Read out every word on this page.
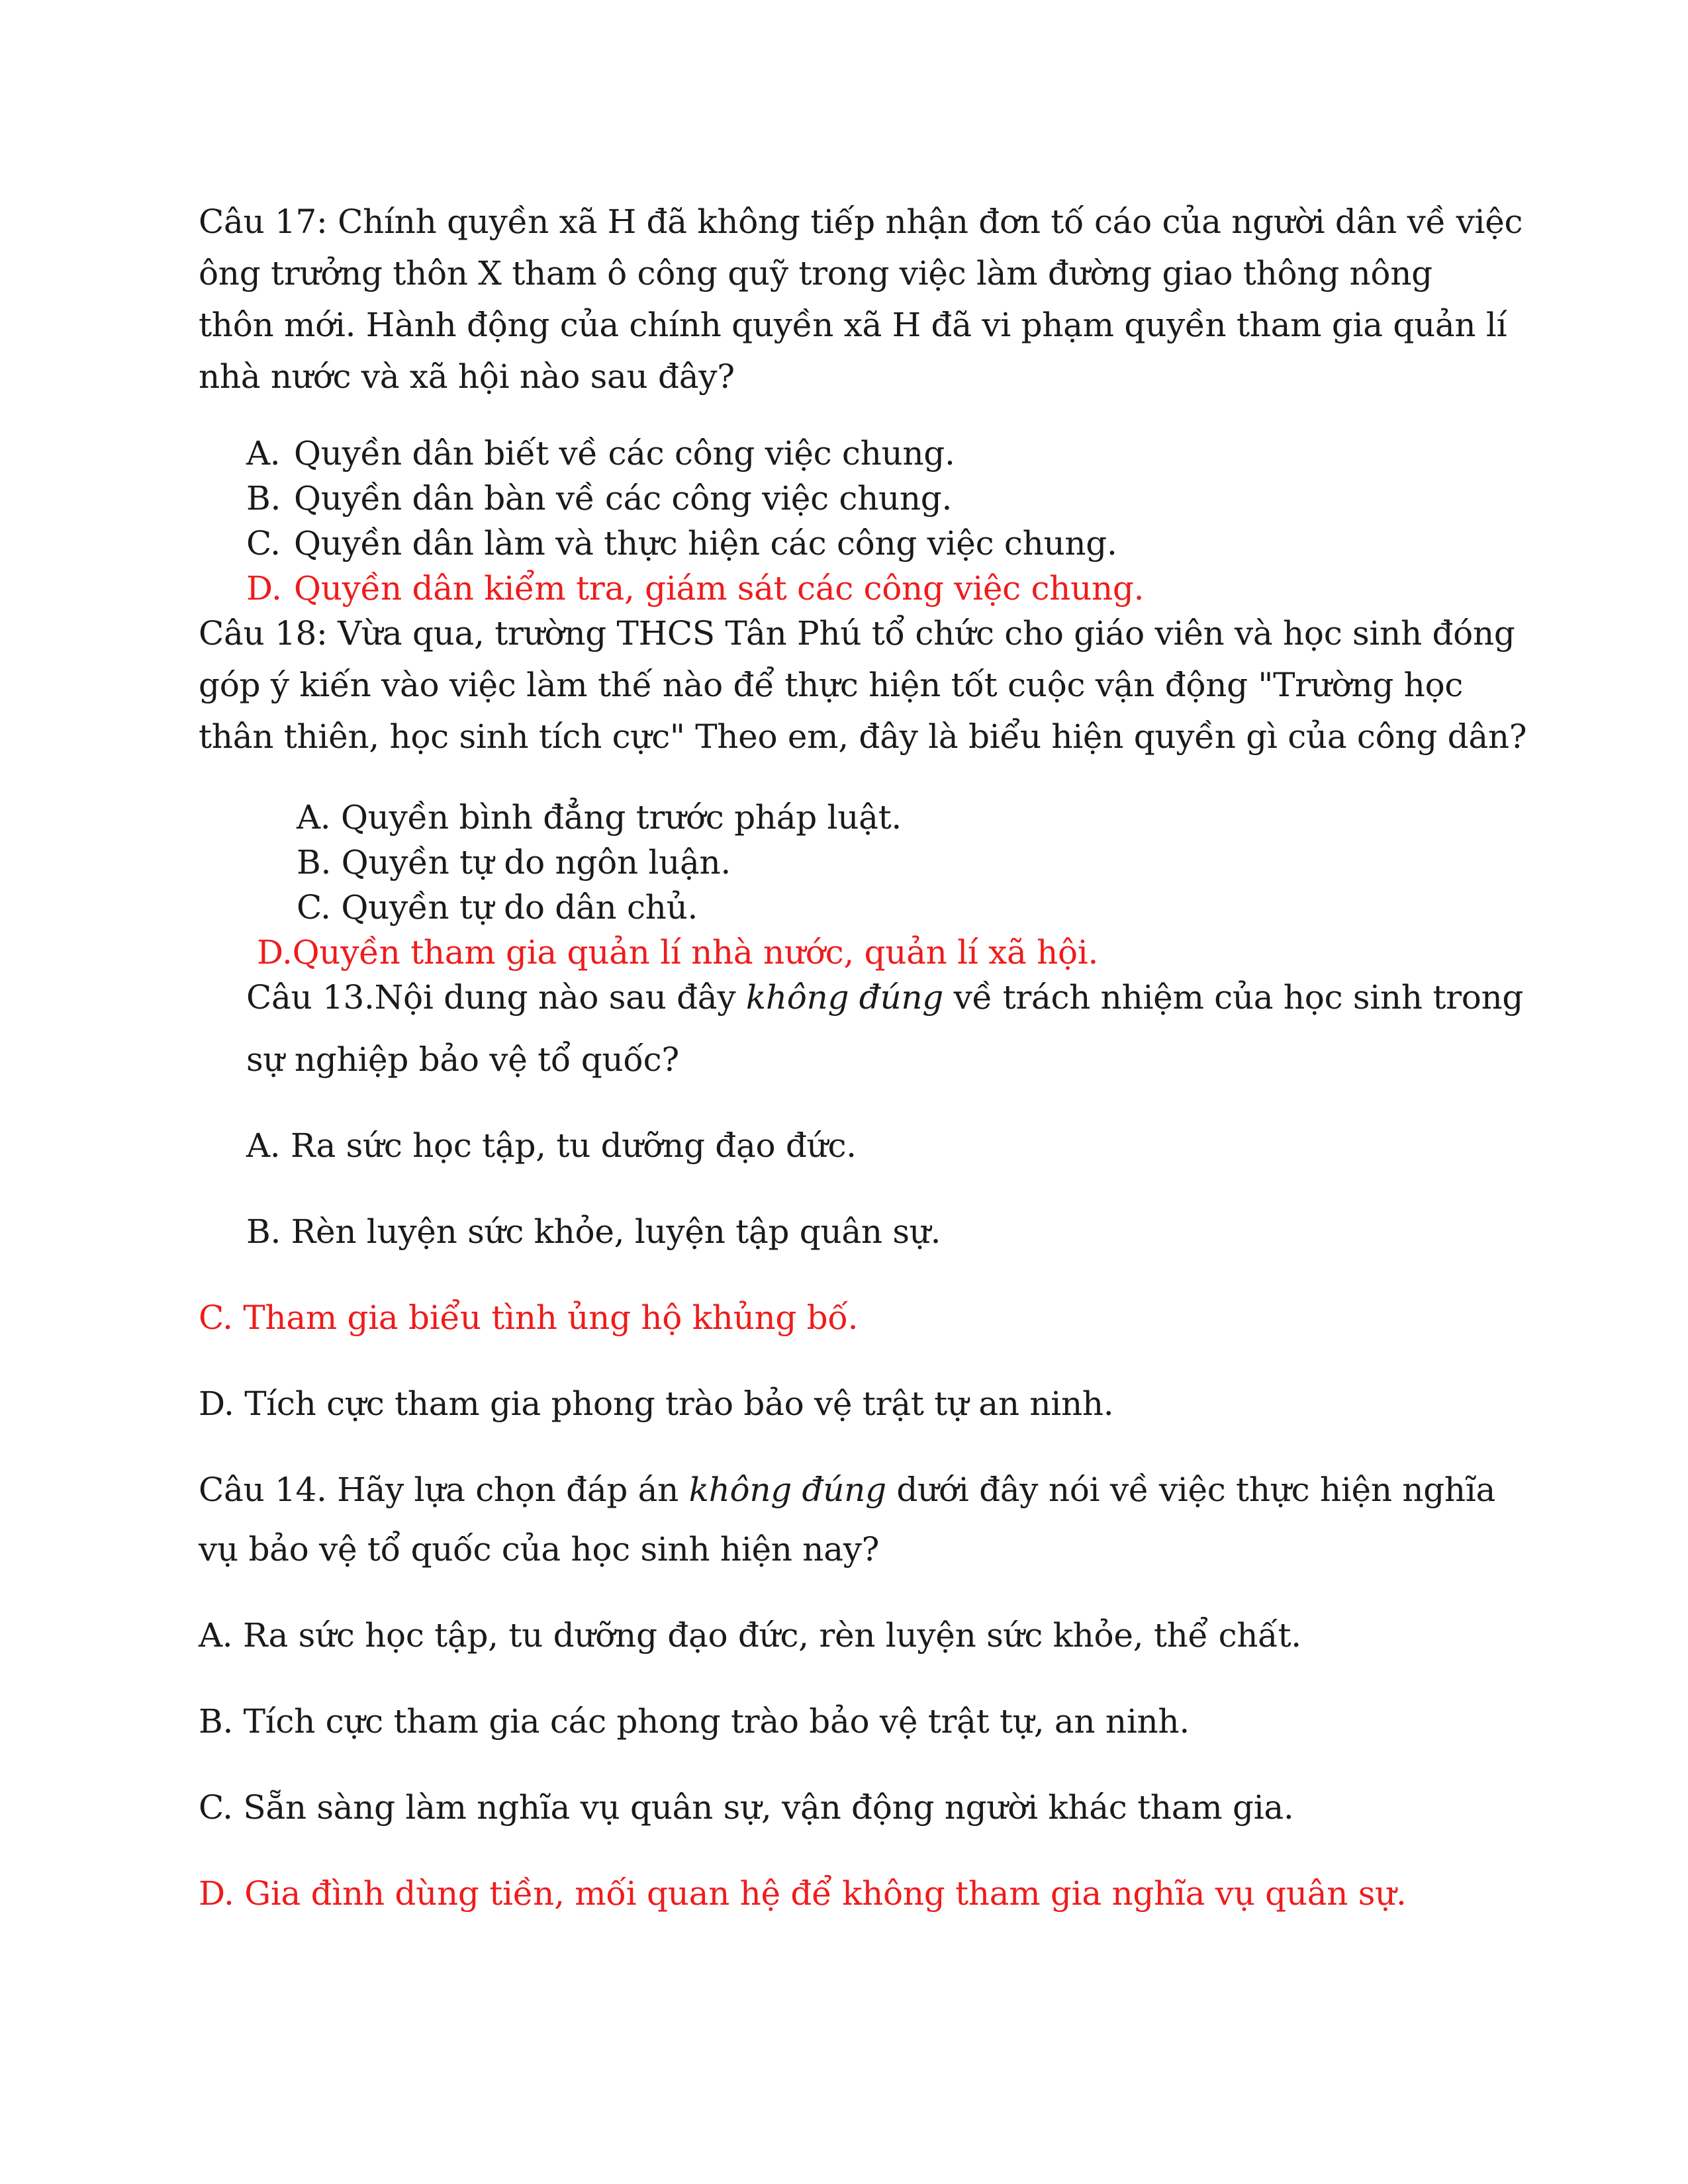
Câu 17: Chính quyền xã H đã không tiếp nhận đơn tố cáo của người dân về việc
ông trưởng thôn X tham ô công quỹ trong việc làm đường giao thông nông
thôn mới. Hành động của chính quyền xã H đã vi phạm quyền tham gia quản lí
nhà nước và xã hội nào sau đây?
A. Quyền dân biết về các công việc chung.
B. Quyền dân bàn về các công việc chung.
C. Quyền dân làm và thực hiện các công việc chung.
D. Quyền dân kiểm tra, giám sát các công việc chung.
Câu 18: Vừa qua, trường THCS Tân Phú tổ chức cho giáo viên và học sinh đóng
góp ý kiến vào việc làm thế nào để thực hiện tốt cuộc vận động "Trường học
thân thiên, học sinh tích cực" Theo em, đây là biểu hiện quyền gì của công dân?
A. Quyền bình đẳng trước pháp luật.
B. Quyền tự do ngôn luận.
C. Quyền tự do dân chủ.
D.Quyền tham gia quản lí nhà nước, quản lí xã hội.
Câu 13.Nội dung nào sau đây không đúng về trách nhiệm của học sinh trong
sự nghiệp bảo vệ tổ quốc?
A. Ra sức học tập, tu dưỡng đạo đức.
B. Rèn luyện sức khỏe, luyện tập quân sự.
C. Tham gia biểu tình ủng hộ khủng bố.
D. Tích cực tham gia phong trào bảo vệ trật tự an ninh.
Câu 14. Hãy lựa chọn đáp án không đúng dưới đây nói về việc thực hiện nghĩa
vụ bảo vệ tổ quốc của học sinh hiện nay?
A. Ra sức học tập, tu dưỡng đạo đức, rèn luyện sức khỏe, thể chất.
B. Tích cực tham gia các phong trào bảo vệ trật tự, an ninh.
C. Sẵn sàng làm nghĩa vụ quân sự, vận động người khác tham gia.
D. Gia đình dùng tiền, mối quan hệ để không tham gia nghĩa vụ quân sự.
